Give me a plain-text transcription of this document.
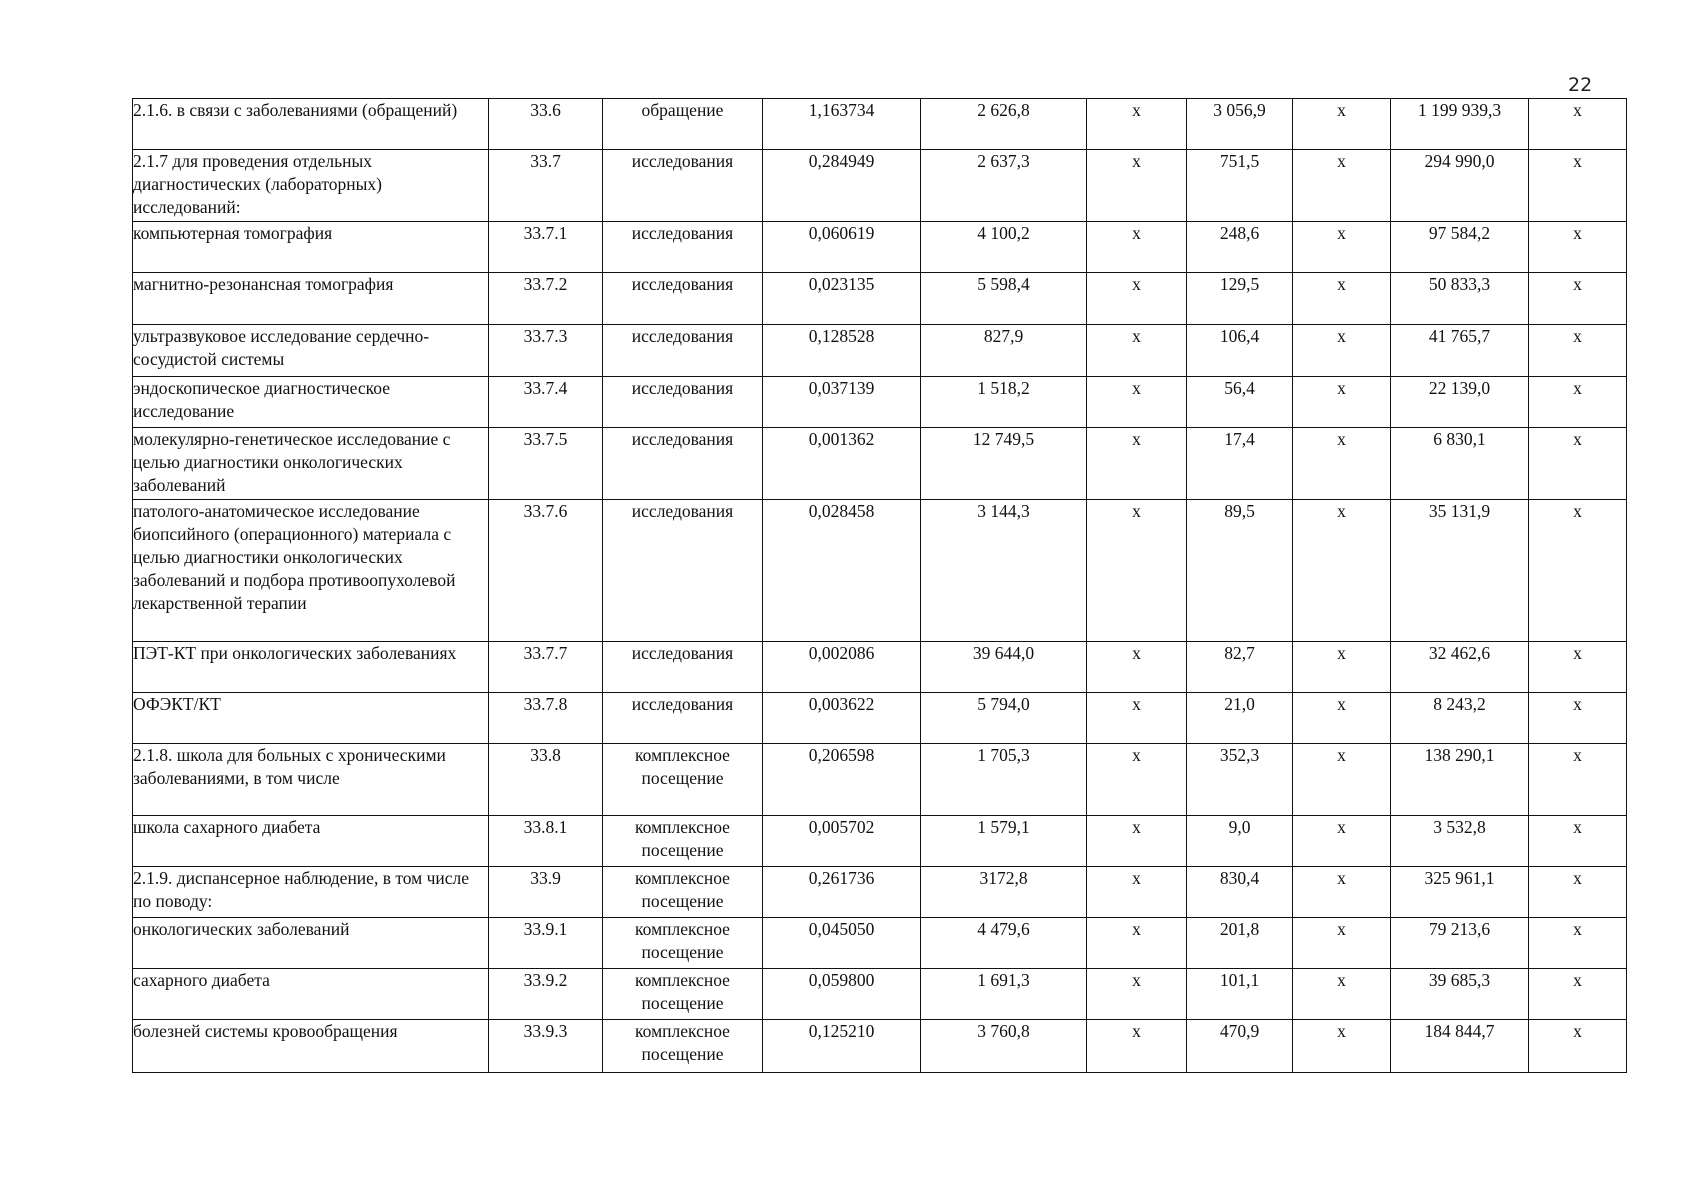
22
2.1.6. в связи с заболеваниями (обращений)	33.6	обращение	1,163734	2 626,8	х	3 056,9	х	1 199 939,3	х
2.1.7 для проведения отдельных диагностических (лабораторных) исследований:	33.7	исследования	0,284949	2 637,3	х	751,5	х	294 990,0	х
компьютерная томография	33.7.1	исследования	0,060619	4 100,2	х	248,6	х	97 584,2	х
магнитно-резонансная томография	33.7.2	исследования	0,023135	5 598,4	х	129,5	х	50 833,3	х
ультразвуковое исследование сердечно-сосудистой системы	33.7.3	исследования	0,128528	827,9	х	106,4	х	41 765,7	х
эндоскопическое диагностическое исследование	33.7.4	исследования	0,037139	1 518,2	х	56,4	х	22 139,0	х
молекулярно-генетическое исследование с целью диагностики онкологических заболеваний	33.7.5	исследования	0,001362	12 749,5	х	17,4	х	6 830,1	х
патолого-анатомическое исследование биопсийного (операционного) материала с целью диагностики онкологических заболеваний и подбора противоопухолевой лекарственной терапии	33.7.6	исследования	0,028458	3 144,3	х	89,5	х	35 131,9	х
ПЭТ-КТ при онкологических заболеваниях	33.7.7	исследования	0,002086	39 644,0	х	82,7	х	32 462,6	х
ОФЭКТ/КТ	33.7.8	исследования	0,003622	5 794,0	х	21,0	х	8 243,2	х
2.1.8. школа для больных с хроническими заболеваниями, в том числе	33.8	комплексное посещение	0,206598	1 705,3	х	352,3	х	138 290,1	х
школа сахарного диабета	33.8.1	комплексное посещение	0,005702	1 579,1	х	9,0	х	3 532,8	х
2.1.9. диспансерное наблюдение, в том числе по поводу:	33.9	комплексное посещение	0,261736	3172,8	х	830,4	х	325 961,1	х
онкологических заболеваний	33.9.1	комплексное посещение	0,045050	4 479,6	х	201,8	х	79 213,6	х
сахарного диабета	33.9.2	комплексное посещение	0,059800	1 691,3	х	101,1	х	39 685,3	х
болезней системы кровообращения	33.9.3	комплексное посещение	0,125210	3 760,8	х	470,9	х	184 844,7	х
